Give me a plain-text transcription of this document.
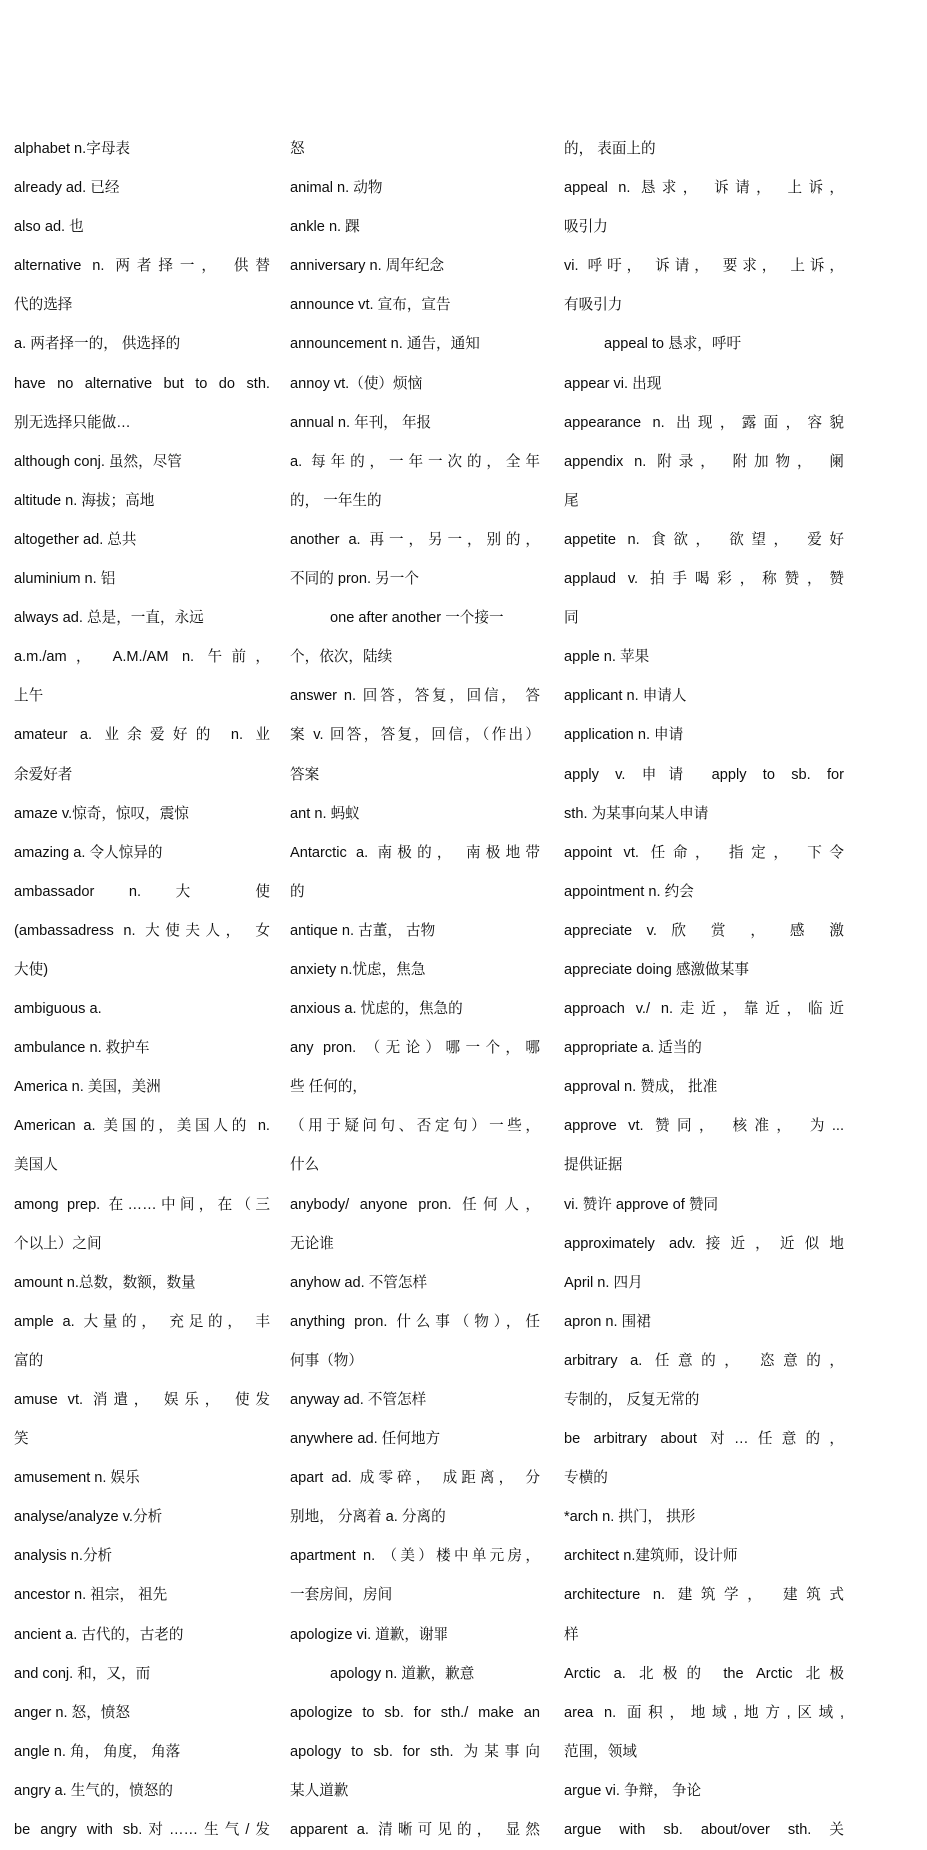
alphabet n.字母表
already ad. 已经
also ad. 也
alternative n. 两者择一， 供替
代的选择
a. 两者择一的， 供选择的
have no alternative but to do sth.
别无选择只能做…
although conj. 虽然，尽管
altitude n. 海拔；高地
altogether ad. 总共
aluminium n. 铝
always ad. 总是，一直，永远
a.m./am， A.M./AM n. 午前，
上午
amateur a. 业余爱好的 n. 业
余爱好者
amaze v.惊奇，惊叹，震惊
amazing a. 令人惊异的
ambassador n. 大 使
(ambassadress n. 大使夫人， 女
大使)
ambiguous a.
ambulance n. 救护车
America n. 美国，美洲
American a. 美国的，美国人的 n.
美国人
among prep. 在……中间，在（三
个以上）之间
amount n.总数，数额，数量
ample a. 大量的， 充足的， 丰
富的
amuse vt. 消遣， 娱乐， 使发
笑
amusement n. 娱乐
analyse/analyze v.分析
analysis n.分析
ancestor n. 祖宗， 祖先
ancient a. 古代的，古老的
and conj. 和，又，而
anger n. 怒，愤怒
angle n. 角， 角度， 角落
angry a. 生气的，愤怒的
be angry with sb.对……生气/发
怒
animal n. 动物
ankle n. 踝
anniversary n. 周年纪念
announce vt. 宣布，宣告
announcement n. 通告，通知
annoy vt.（使）烦恼
annual n. 年刊， 年报
a. 每年的，一年一次的，全年
的， 一年生的
another a. 再一，另一，别的，
不同的 pron. 另一个
one after another 一个接一
个，依次，陆续
answer n. 回答，答复，回信， 答
案 v. 回答，答复，回信，（作出）
答案
ant n. 蚂蚁
Antarctic a. 南极的， 南极地带
的
antique n. 古董， 古物
anxiety n.忧虑，焦急
anxious a. 忧虑的，焦急的
any pron. （无论）哪一个，哪
些 任何的，
（用于疑问句、否定句）一些，
什么
anybody/ anyone pron. 任何人，
无论谁
anyhow ad. 不管怎样
anything pron. 什么事（物），任
何事（物）
anyway ad. 不管怎样
anywhere ad. 任何地方
apart ad. 成零碎， 成距离， 分
别地， 分离着 a. 分离的
apartment n. （美）楼中单元房，
一套房间，房间
apologize vi. 道歉，谢罪
apology n. 道歉，歉意
apologize to sb. for sth./ make an
apology to sb. for sth. 为某事向
某人道歉
apparent a. 清晰可见的， 显然
的， 表面上的
appeal n. 恳求， 诉请， 上诉，
吸引力
vi. 呼吁， 诉请， 要求， 上诉，
有吸引力
appeal to 恳求，呼吁
appear vi. 出现
appearance n. 出现，露面，容貌
appendix n. 附录， 附加物， 阑
尾
appetite n. 食欲， 欲望， 爱好
applaud v. 拍手喝彩，称赞，赞
同
apple n. 苹果
applicant n. 申请人
application n. 申请
apply v. 申请 apply to sb. for
sth. 为某事向某人申请
appoint vt. 任命， 指定， 下令
appointment n. 约会
appreciate v. 欣 赏 ， 感 激
appreciate doing 感激做某事
approach v./ n.走近，靠近，临近
appropriate a. 适当的
approval n. 赞成， 批准
approve vt. 赞同， 核准， 为...
提供证据
vi. 赞许 approve of 赞同
approximately adv.接近，近似地
April n. 四月
apron n. 围裙
arbitrary a. 任意的， 恣意的，
专制的， 反复无常的
be arbitrary about 对…任意的，
专横的
*arch n. 拱门， 拱形
architect n.建筑师，设计师
architecture n. 建筑学， 建筑式
样
Arctic a. 北极的 the Arctic 北极
area n. 面积，地域,地方,区域,
范围，领域
argue vi. 争辩， 争论
argue with sb. about/over sth. 关
